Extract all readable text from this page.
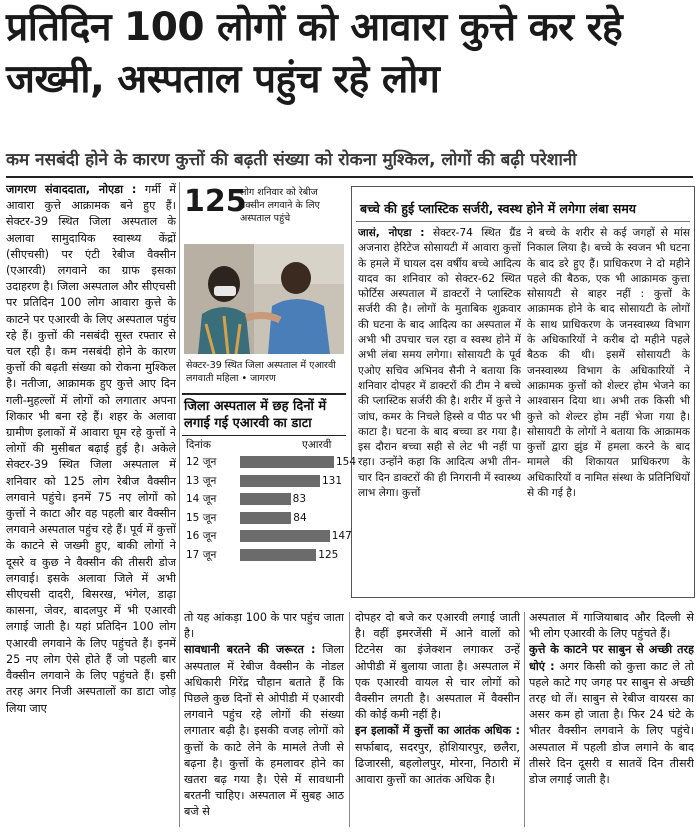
प्रतिदिन 100 लोगों को आवारा कुत्ते कर रहे जख्मी, अस्पताल पहुंच रहे लोग
कम नसबंदी होने के कारण कुत्तों की बढ़ती संख्या को रोकना मुश्किल, लोगों की बढ़ी परेशानी
जागरण संवाददाता, नोएडा : गर्मी में आवारा कुत्ते आक्रामक बने हुए हैं। सेक्टर-39 स्थित जिला अस्पताल के अलावा सामुदायिक स्वास्थ्य केंद्रों (सीएचसी) पर एंटी रेबीज वैक्सीन (एआरवी) लगवाने का ग्राफ इसका उदाहरण है। जिला अस्पताल और सीएचसी पर प्रतिदिन 100 लोग आवारा कुत्ते के काटने पर एआरवी के लिए अस्पताल पहुंच रहे हैं। कुत्तों की नसबंदी सुस्त रफ्तार से चल रही है। कम नसबंदी होने के कारण कुत्तों की बढ़ती संख्या को रोकना मुश्किल है। नतीजा, आक्रामक हुए कुत्ते आए दिन गली-मुहल्लों में लोगों को लगातार अपना शिकार भी बना रहे हैं। शहर के अलावा ग्रामीण इलाकों में आवारा घूम रहे कुत्तों ने लोगों की मुसीबत बढ़ाई हुई है। अकेले सेक्टर-39 स्थित जिला अस्पताल में शनिवार को 125 लोग रेबीज वैक्सीन लगवाने पहुंचे। इनमें 75 नए लोगों को कुत्तों ने काटा और वह पहली बार वैक्सीन लगवाने अस्पताल पहुंच रहे हैं। पूर्व में कुत्तों के काटने से जख्मी हुए, बाकी लोगों ने दूसरे व कुछ ने वैक्सीन की तीसरी डोज लगवाई। इसके अलावा जिले में अभी सीएचसी दादरी, बिसरख, भंगेल, डाढ़ा कासना, जेवर, बादलपुर में भी एआरवी लगाई जाती है। यहां प्रतिदिन 100 लोग एआरवी लगवाने के लिए पहुंचते हैं। इनमें 25 नए लोग ऐसे होते हैं जो पहली बार वैक्सीन लगवाने के लिए पहुंचते हैं। इसी तरह अगर निजी अस्पतालों का डाटा जोड़ लिया जाए
125
लोग शनिवार को रेबीज वैक्सीन लगवाने के लिए अस्पताल पहुंचे
सेक्टर-39 स्थित जिला अस्पताल में एआरवी लगवाती महिला • जागरण
जिला अस्पताल में छह दिनों में लगाई गई एआरवी का डाटा
दिनांक	एआरवी
12 जून	154
13 जून	131
14 जून	83
15 जून	84
16 जून	147
17 जून	125
तो यह आंकड़ा 100 के पार पहुंच जाता है।
सावधानी बरतने की जरूरत : जिला अस्पताल में रेबीज वैक्सीन के नोडल अधिकारी गिरेंद्र चौहान बताते हैं कि पिछले कुछ दिनों से ओपीडी में एआरवी लगवाने पहुंच रहे लोगों की संख्या लगातार बढ़ी है। इसकी वजह लोगों को कुत्तों के काटे लेने के मामले तेजी से बढ़ना है। कुत्तों के हमलावर होने का खतरा बढ़ गया है। ऐसे में सावधानी बरतनी चाहिए। अस्पताल में सुबह आठ बजे से
बच्चे की हुई प्लास्टिक सर्जरी, स्वस्थ होने में लगेगा लंबा समय
जासं, नोएडा : सेक्टर-74 स्थित ग्रैंड अजनारा हेरिटेज सोसायटी में आवारा कुत्तों के हमले में घायल दस वर्षीय बच्चे आदित्य यादव का शनिवार को सेक्टर-62 स्थित फोर्टिस अस्पताल में डाक्टरों ने प्लास्टिक सर्जरी की है। लोगों के मुताबिक शुक्रवार की घटना के बाद आदित्य का अस्पताल में अभी भी उपचार चल रहा व स्वस्थ होने में अभी लंबा समय लगेगा। सोसायटी के पूर्व एओए सचिव अभिनव सैनी ने बताया कि शनिवार दोपहर में डाक्टरों की टीम ने बच्चे की प्लास्टिक सर्जरी की है। शरीर में कुत्ते ने जांघ, कमर के निचले हिस्से व पीठ पर भी काटा है। घटना के बाद बच्चा डर गया है। इस दौरान बच्चा सही से लेट भी नहीं पा रहा। उन्होंने कहा कि आदित्य अभी तीन-चार दिन डाक्टरों की ही निगरानी में स्वास्थ्य लाभ लेगा। कुत्तों
ने बच्चे के शरीर से कई जगहों से मांस निकाल लिया है। बच्चे के स्वजन भी घटना के बाद डरे हुए हैं। प्राधिकरण ने दो महीने पहले की बैठक, एक भी आक्रामक कुत्ता सोसायटी से बाहर नहीं : कुत्तों के आक्रामक होने के बाद सोसायटी के लोगों के साथ प्राधिकरण के जनस्वास्थ्य विभाग के अधिकारियों ने करीब दो महीने पहले बैठक की थी। इसमें सोसायटी के जनस्वास्थ्य विभाग के अधिकारियों ने आक्रामक कुत्तों को शेल्टर होम भेजने का आश्वासन दिया था। अभी तक किसी भी कुत्ते को शेल्टर होम नहीं भेजा गया है। सोसायटी के लोगों ने बताया कि आक्रामक कुत्तों द्वारा झुंड में हमला करने के बाद मामले की शिकायत प्राधिकरण के अधिकारियों व नामित संस्था के प्रतिनिधियों से की गई है।
दोपहर दो बजे कर एआरवी लगाई जाती है। वहीं इमरजेंसी में आने वालों को टिटनेस का इंजेक्शन लगाकर उन्हें ओपीडी में बुलाया जाता है। अस्पताल में एक एआरवी वायल से चार लोगों को वैक्सीन लगती है। अस्पताल में वैक्सीन की कोई कमी नहीं है।
इन इलाकों में कुत्तों का आतंक अधिक : सर्फाबाद, सदरपुर, होशियारपुर, छलैरा, ढिजारसी, बहलोलपुर, मोरना, निठारी में आवारा कुत्तों का आतंक अधिक है।
अस्पताल में गाजियाबाद और दिल्ली से भी लोग एआरवी के लिए पहुंचते हैं।
कुत्ते के काटने पर साबुन से अच्छी तरह धोएं : अगर किसी को कुत्ता काट ले तो पहले काटे गए जगह पर साबुन से अच्छी तरह धो लें। साबुन से रेबीज वायरस का असर कम हो जाता है। फिर 24 घंटे के भीतर वैक्सीन लगवाने के लिए पहुंचे। अस्पताल में पहली डोज लगाने के बाद तीसरे दिन दूसरी व सातवें दिन तीसरी डोज लगाई जाती है।
